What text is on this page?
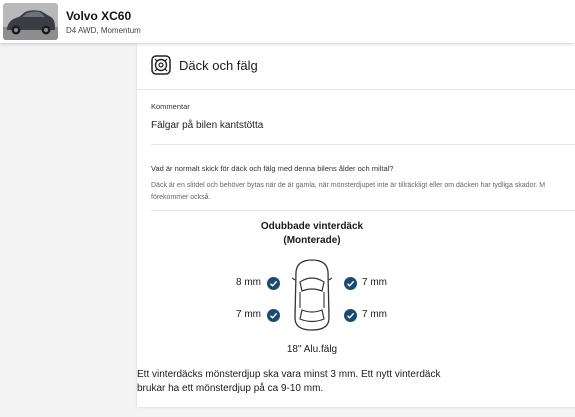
Volvo XC60
D4 AWD, Momentum
Däck och fälg
Kommentar
Fälgar på bilen kantstötta
Vad är normalt skick för däck och fälg med denna bilens ålder och miltal?
Däck är en slitdel och behöver bytas när de är gamla, när mönsterdjupet inte är tillräckligt eller om däcken har tydliga skador. M
förekommer också.
Odubbade vinterdäck
(Monterade)
8 mm	7 mm
7 mm	7 mm
18" Alu.fälg
Ett vinterdäcks mönsterdjup ska vara minst 3 mm. Ett nytt vinterdäck
brukar ha ett mönsterdjup på ca 9-10 mm.
